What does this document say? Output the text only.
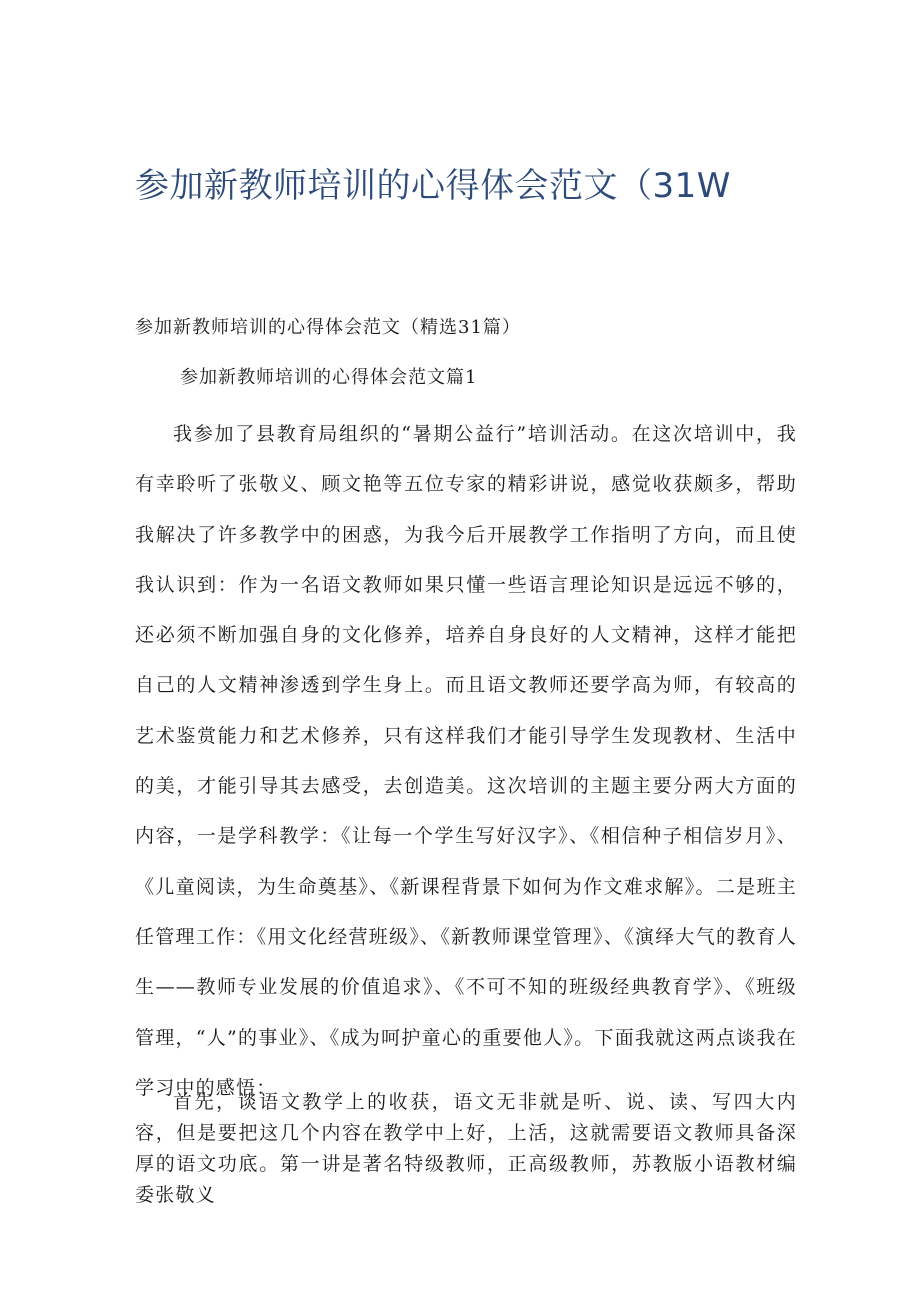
参加新教师培训的心得体会范文（31W

参加新教师培训的心得体会范文（精选31篇）

参加新教师培训的心得体会范文篇1

我参加了县教育局组织的“暑期公益行”培训活动。在这次培训中，我有幸聆听了张敬义、顾文艳等五位专家的精彩讲说，感觉收获颇多，帮助我解决了许多教学中的困惑，为我今后开展教学工作指明了方向，而且使我认识到：作为一名语文教师如果只懂一些语言理论知识是远远不够的，还必须不断加强自身的文化修养，培养自身良好的人文精神，这样才能把自己的人文精神渗透到学生身上。而且语文教师还要学高为师，有较高的艺术鉴赏能力和艺术修养，只有这样我们才能引导学生发现教材、生活中的美，才能引导其去感受，去创造美。这次培训的主题主要分两大方面的内容，一是学科教学：《让每一个学生写好汉字》、《相信种子相信岁月》、《儿童阅读，为生命奠基》、《新课程背景下如何为作文难求解》。二是班主任管理工作：《用文化经营班级》、《新教师课堂管理》、《演绎大气的教育人生——教师专业发展的价值追求》、《不可不知的班级经典教育学》、《班级管理，“人”的事业》、《成为呵护童心的重要他人》。下面我就这两点谈我在学习中的感悟：

首先，谈语文教学上的收获，语文无非就是听、说、读、写四大内容，但是要把这几个内容在教学中上好，上活，这就需要语文教师具备深厚的语文功底。第一讲是著名特级教师，正高级教师，苏教版小语教材编委张敬义
